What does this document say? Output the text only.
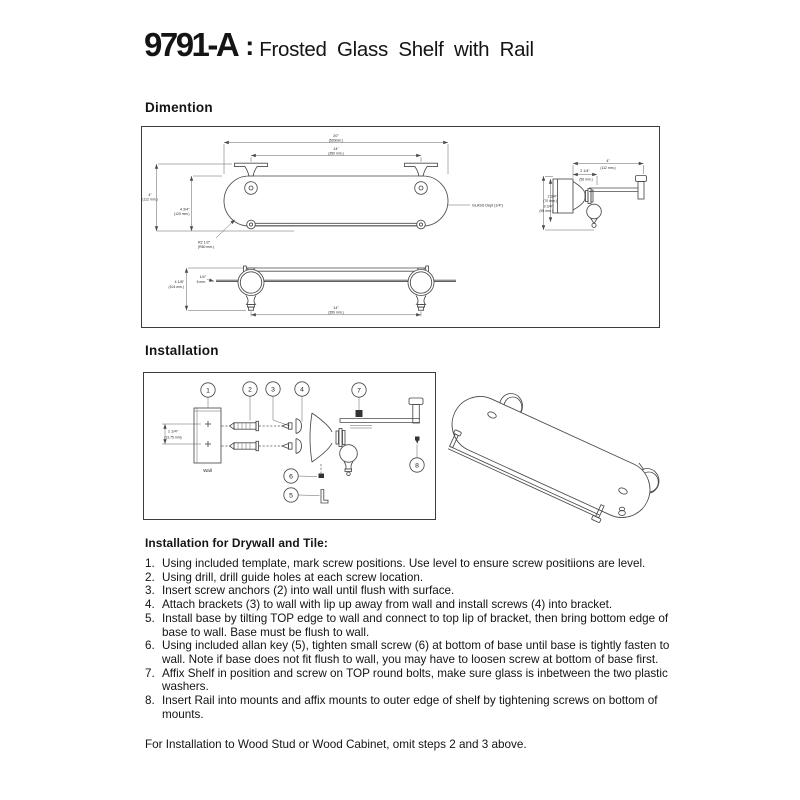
9791-A : Frosted Glass Shelf with Rail
Dimention
20"
(520mm.)
14"
(350 mm.)
4"
(112 mm.)
4 3/4"
(120 mm.)
R2 1/2"
(R60 mm.)
GLASS Dept (1/4")
4"
(112 mm.)
2 1/4"
(56 mm.)
2 3/4"
(70 mm.)
3 3/4"
(95 mm.)
4 1/8"
(104 mm.)
1/4"
6 mm.
14"
(350 mm.)
Installation
Wall
1 1/4"
(31.75 mm)
1	2	3	4	7
8
6
5
Installation for Drywall and Tile:
1. Using included template, mark screw positions. Use level to ensure screw positiions are level.
2. Using drill, drill guide holes at each screw location.
3. Insert screw anchors (2) into wall until flush with surface.
4. Attach brackets (3) to wall with lip up away from wall and install screws (4) into bracket.
5. Install base by tilting TOP edge to wall and connect to top lip of bracket, then bring bottom edge of base to wall. Base must be flush to wall.
6. Using included allan key (5), tighten small screw (6) at bottom of base until base is tightly fasten to wall. Note if base does not fit flush to wall, you may have to loosen screw at bottom of base first.
7. Affix Shelf in position and screw on TOP round bolts, make sure glass is inbetween the two plastic washers.
8. Insert Rail into mounts and affix mounts to outer edge of shelf by tightening screws on bottom of mounts.
For Installation to Wood Stud or Wood Cabinet, omit steps 2 and 3 above.
